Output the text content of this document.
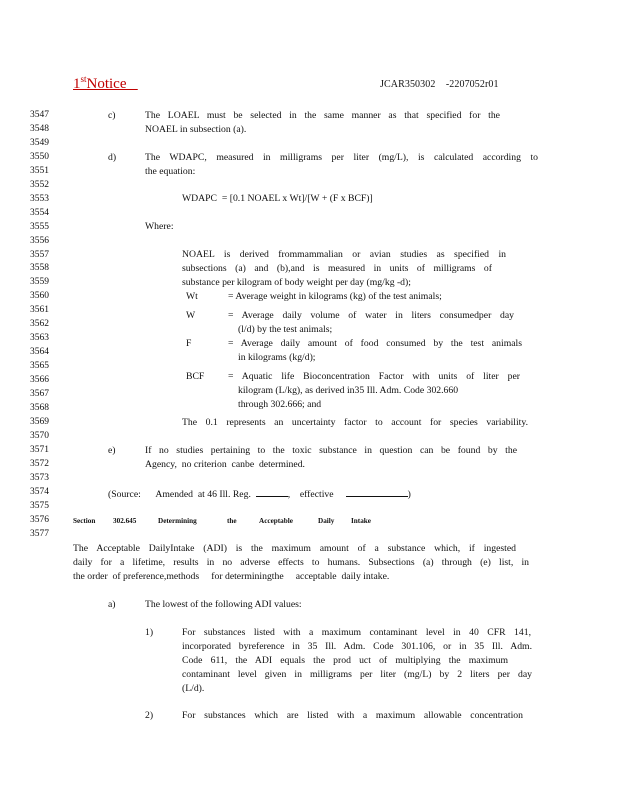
1stNotice	JCAR350302    -2207052r01
3547
3548
3549
3550
3551
3552
3553
3554
3555
3556
3557
3558
3559
3560
3561
3562
3563
3564
3565
3566
3567
3568
3569
3570
3571
3572
3573
3574
3575
3576
3577
c)	The LOAEL must be selected in the same manner as that specified for the
NOAEL in subsection (a).
d)	The WDAPC, measured in milligrams per liter (mg/L), is calculated according to
the equation:
WDAPC  = [0.1 NOAEL x Wt]/[W + (F x BCF)]
Where:
NOAEL is derived frommammalian or avian studies as specified in
subsections (a) and (b),and is measured in units of milligrams of
substance per kilogram of body weight per day (mg/kg -d);
Wt	= Average weight in kilograms (kg) of the test animals;
W	= Average daily volume of water in liters consumedper day
(l/d) by the test animals;
F	= Average daily amount of food consumed by the test animals
in kilograms (kg/d);
BCF = Aquatic life Bioconcentration Factor with units of liter per
kilogram (L/kg), as derived in35 Ill. Adm. Code 302.660
through 302.666; and
The 0.1 represents an uncertainty factor to account for species variability.
e)	If no studies pertaining to the toxic substance in question can be found by the
Agency,  no criterion  canbe  determined.
(Source: Amended  at 46 Ill. Reg.	, effective	)
Section 302.645	Determining	the	Acceptable	Daily Intake
The Acceptable DailyIntake (ADI) is the maximum amount of a substance which, if ingested
daily for a lifetime, results in no adverse effects to humans. Subsections (a) through (e) list, in
the order  of preference,methods     for determiningthe     acceptable  daily intake.
a)	The lowest of the following ADI values:
1)	For substances listed with a maximum contaminant level in 40 CFR 141,
incorporated byreference in 35 Ill. Adm. Code 301.106, or in 35 Ill. Adm.
Code 611, the ADI equals the prod uct of multiplying the maximum
contaminant level given in milligrams per liter (mg/L) by 2 liters per day
(L/d).
2)	For substances which are listed with a maximum allowable concentration
